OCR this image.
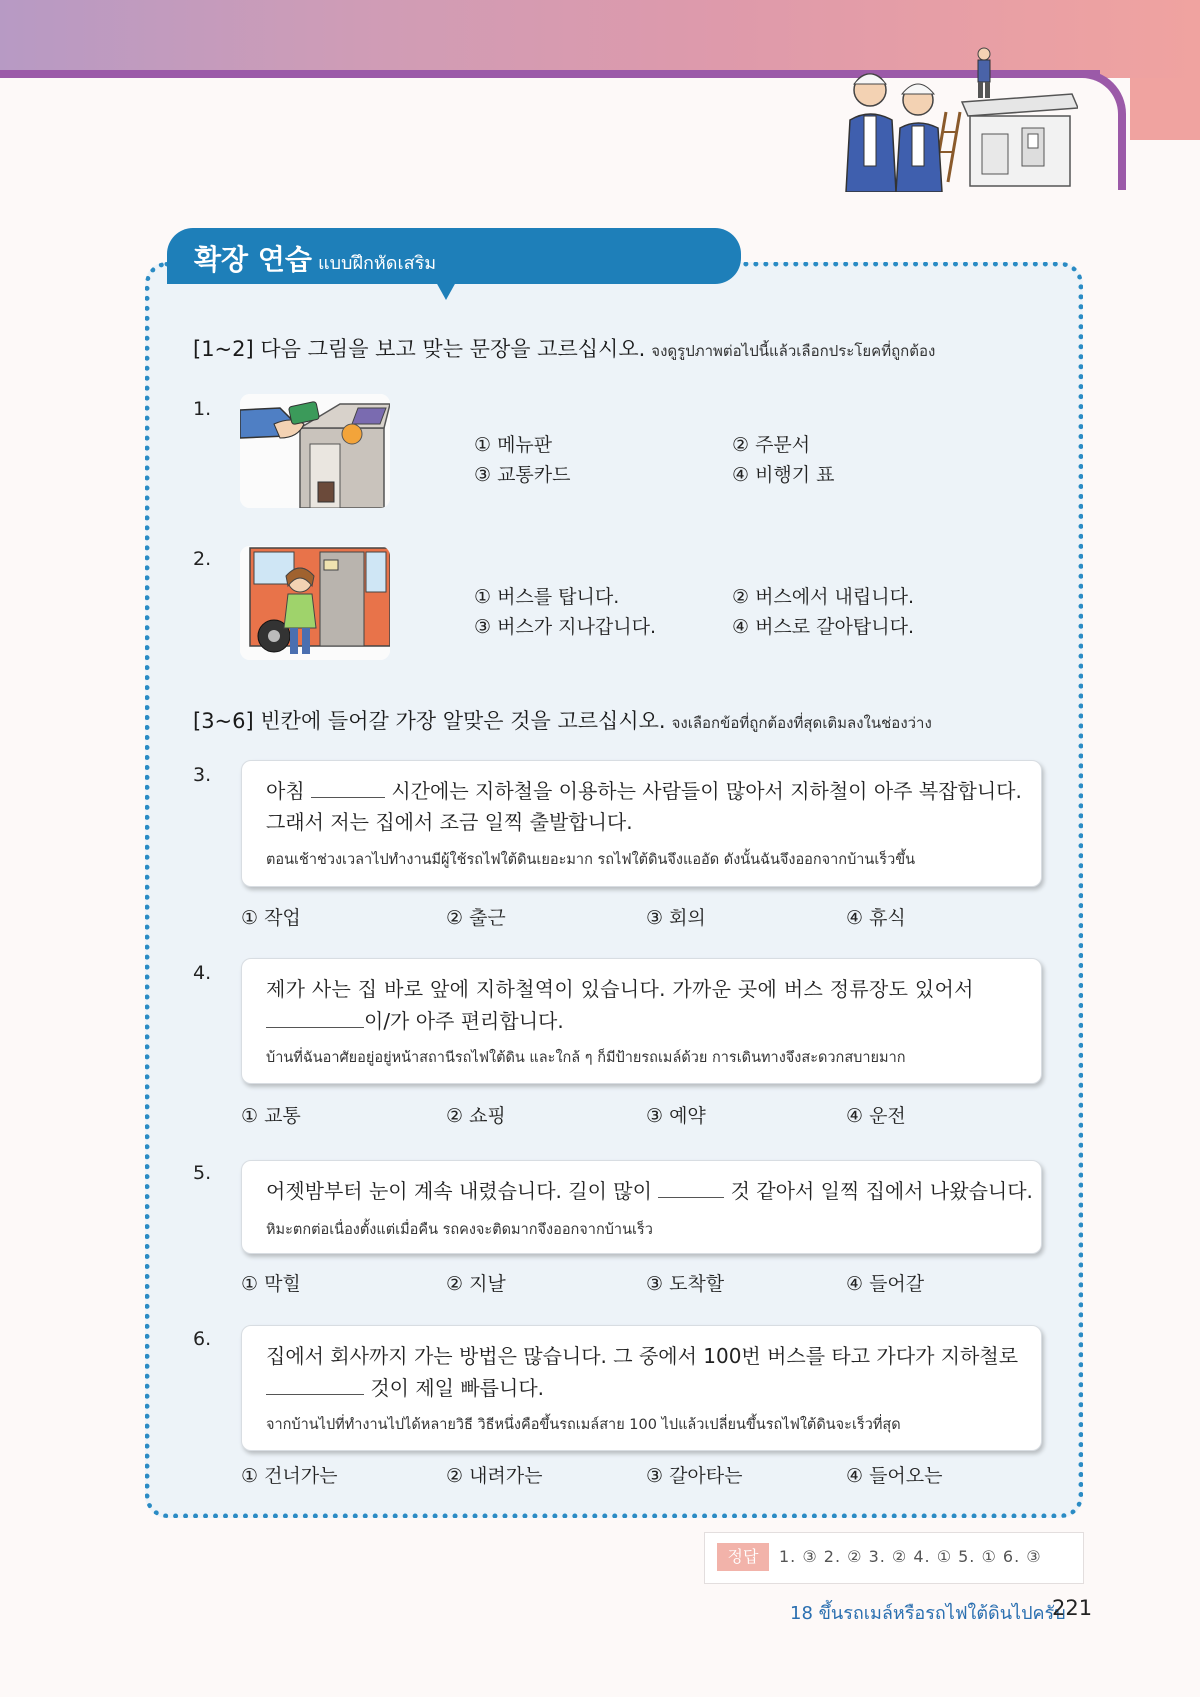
확장 연습 แบบฝึกหัดเสริม
[1~2] 다음 그림을 보고 맞는 문장을 고르십시오. จงดูรูปภาพต่อไปนี้แล้วเลือกประโยคที่ถูกต้อง
1.
① 메뉴판	② 주문서
③ 교통카드	④ 비행기 표
2.
① 버스를 탑니다.	② 버스에서 내립니다.
③ 버스가 지나갑니다.	④ 버스로 갈아탑니다.
[3~6] 빈칸에 들어갈 가장 알맞은 것을 고르십시오. จงเลือกข้อที่ถูกต้องที่สุดเติมลงในช่องว่าง
3.
아침	시간에는 지하철을 이용하는 사람들이 많아서 지하철이 아주 복잡합니다.
그래서 저는 집에서 조금 일찍 출발합니다.
ตอนเช้าช่วงเวลาไปทำงานมีผู้ใช้รถไฟใต้ดินเยอะมาก รถไฟใต้ดินจึงแออัด ดังนั้นฉันจึงออกจากบ้านเร็วขึ้น
① 작업	② 출근	③ 회의	④ 휴식
4.
제가 사는 집 바로 앞에 지하철역이 있습니다. 가까운 곳에 버스 정류장도 있어서
이/가 아주 편리합니다.
บ้านที่ฉันอาศัยอยู่อยู่หน้าสถานีรถไฟใต้ดิน และใกล้ ๆ ก็มีป้ายรถเมล์ด้วย การเดินทางจึงสะดวกสบายมาก
① 교통	② 쇼핑	③ 예약	④ 운전
5.
어젯밤부터 눈이 계속 내렸습니다. 길이 많이	것 같아서 일찍 집에서 나왔습니다.
หิมะตกต่อเนื่องตั้งแต่เมื่อคืน รถคงจะติดมากจึงออกจากบ้านเร็ว
① 막힐	② 지날	③ 도착할	④ 들어갈
6.
집에서 회사까지 가는 방법은 많습니다. 그 중에서 100번 버스를 타고 가다가 지하철로
것이 제일 빠릅니다.
จากบ้านไปที่ทำงานไปได้หลายวิธี วิธีหนึ่งคือขึ้นรถเมล์สาย 100 ไปแล้วเปลี่ยนขึ้นรถไฟใต้ดินจะเร็วที่สุด
① 건너가는	② 내려가는	③ 갈아타는	④ 들어오는
정답	1. ③ 2. ② 3. ② 4. ① 5. ① 6. ③
18 ขึ้นรถเมล์หรือรถไฟใต้ดินไปครับ
221
